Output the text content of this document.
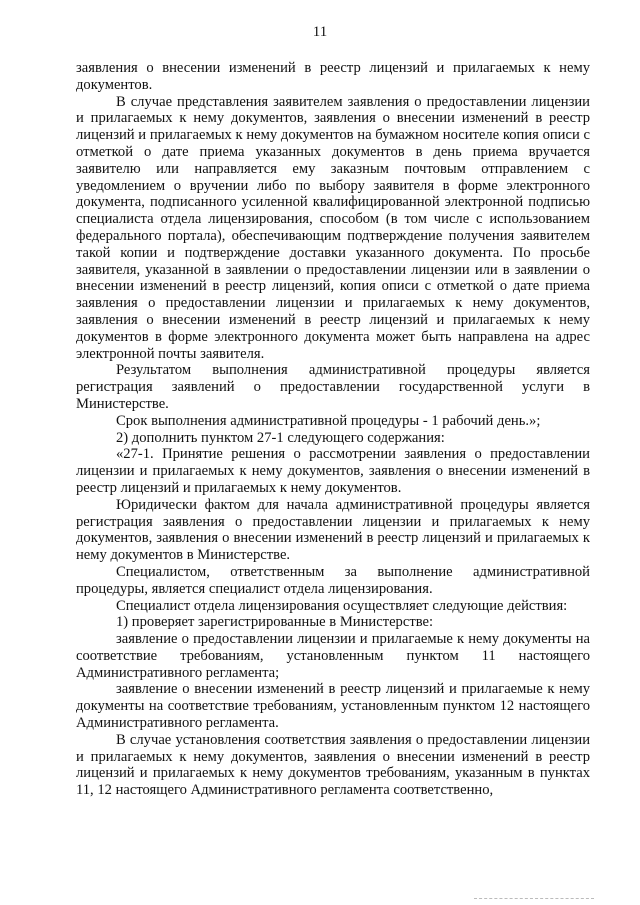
11

заявления о внесении изменений в реестр лицензий и прилагаемых к нему документов.

В случае представления заявителем заявления о предоставлении лицензии и прилагаемых к нему документов, заявления о внесении изменений в реестр лицензий и прилагаемых к нему документов на бумажном носителе копия описи с отметкой о дате приема указанных документов в день приема вручается заявителю или направляется ему заказным почтовым отправлением с уведомлением о вручении либо по выбору заявителя в форме электронного документа, подписанного усиленной квалифицированной электронной подписью специалиста отдела лицензирования, способом (в том числе с использованием федерального портала), обеспечивающим подтверждение получения заявителем такой копии и подтверждение доставки указанного документа. По просьбе заявителя, указанной в заявлении о предоставлении лицензии или в заявлении о внесении изменений в реестр лицензий, копия описи с отметкой о дате приема заявления о предоставлении лицензии и прилагаемых к нему документов, заявления о внесении изменений в реестр лицензий и прилагаемых к нему документов в форме электронного документа может быть направлена на адрес электронной почты заявителя.

Результатом выполнения административной процедуры является регистрация заявлений о предоставлении государственной услуги в Министерстве.

Срок выполнения административной процедуры - 1 рабочий день.»;

2) дополнить пунктом 27-1 следующего содержания:

«27-1. Принятие решения о рассмотрении заявления о предоставлении лицензии и прилагаемых к нему документов, заявления о внесении изменений в реестр лицензий и прилагаемых к нему документов.

Юридически фактом для начала административной процедуры является регистрация заявления о предоставлении лицензии и прилагаемых к нему документов, заявления о внесении изменений в реестр лицензий и прилагаемых к нему документов в Министерстве.

Специалистом, ответственным за выполнение административной процедуры, является специалист отдела лицензирования.

Специалист отдела лицензирования осуществляет следующие действия:

1) проверяет зарегистрированные в Министерстве:

заявление о предоставлении лицензии и прилагаемые к нему документы на соответствие требованиям, установленным пунктом 11 настоящего Административного регламента;

заявление о внесении изменений в реестр лицензий и прилагаемые к нему документы на соответствие требованиям, установленным пунктом 12 настоящего Административного регламента.

В случае установления соответствия заявления о предоставлении лицензии и прилагаемых к нему документов, заявления о внесении изменений в реестр лицензий и прилагаемых к нему документов требованиям, указанным в пунктах 11, 12 настоящего Административного регламента соответственно,
